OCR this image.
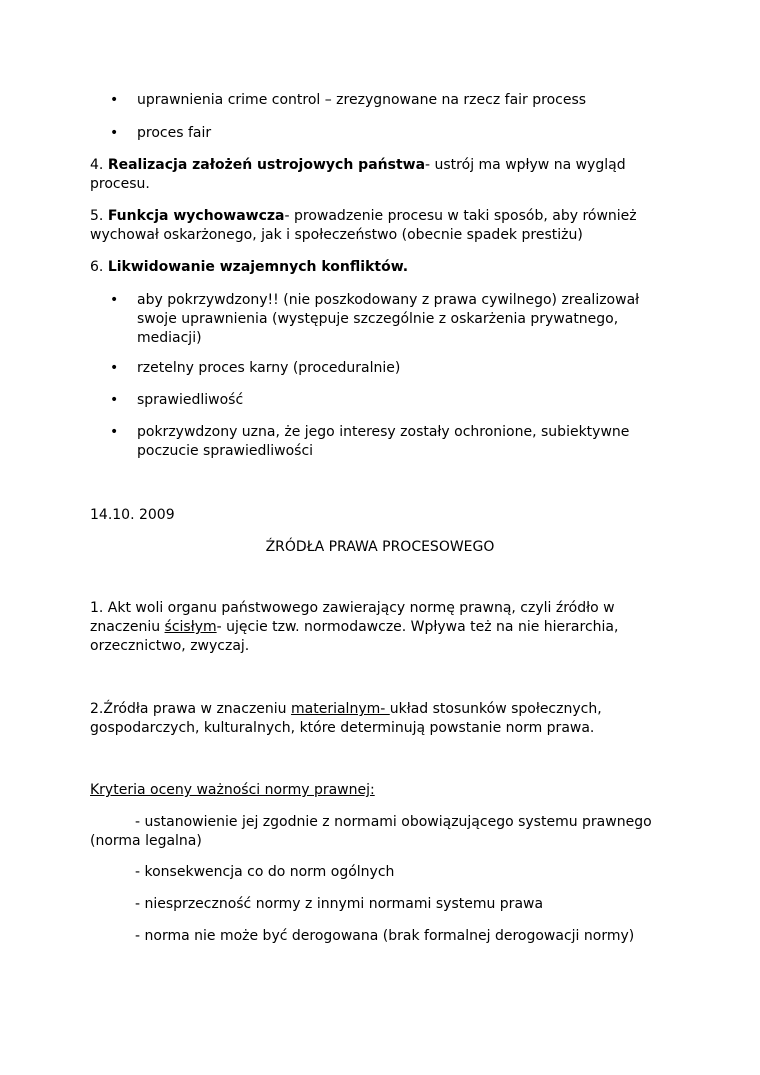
• uprawnienia crime control – zrezygnowane na rzecz fair process
• proces fair

4. Realizacja założeń ustrojowych państwa- ustrój ma wpływ na wygląd procesu.

5. Funkcja wychowawcza- prowadzenie procesu w taki sposób, aby również wychował oskarżonego, jak i społeczeństwo (obecnie spadek prestiżu)

6. Likwidowanie wzajemnych konfliktów.

• aby pokrzywdzony!! (nie poszkodowany z prawa cywilnego) zrealizował swoje uprawnienia (występuje szczególnie z oskarżenia prywatnego, mediacji)
• rzetelny proces karny (proceduralnie)
• sprawiedliwość
• pokrzywdzony uzna, że jego interesy zostały ochronione, subiektywne poczucie sprawiedliwości

14.10. 2009

ŹRÓDŁA PRAWA PROCESOWEGO

1. Akt woli organu państwowego zawierający normę prawną, czyli źródło w znaczeniu ścisłym- ujęcie tzw. normodawcze. Wpływa też na nie hierarchia, orzecznictwo, zwyczaj.

2.Źródła prawa w znaczeniu materialnym- układ stosunków społecznych, gospodarczych, kulturalnych, które determinują powstanie norm prawa.

Kryteria oceny ważności normy prawnej:

- ustanowienie jej zgodnie z normami obowiązującego systemu prawnego
(norma legalna)

- konsekwencja co do norm ogólnych

- niesprzeczność normy z innymi normami systemu prawa

- norma nie może być derogowana (brak formalnej derogowacji normy)
